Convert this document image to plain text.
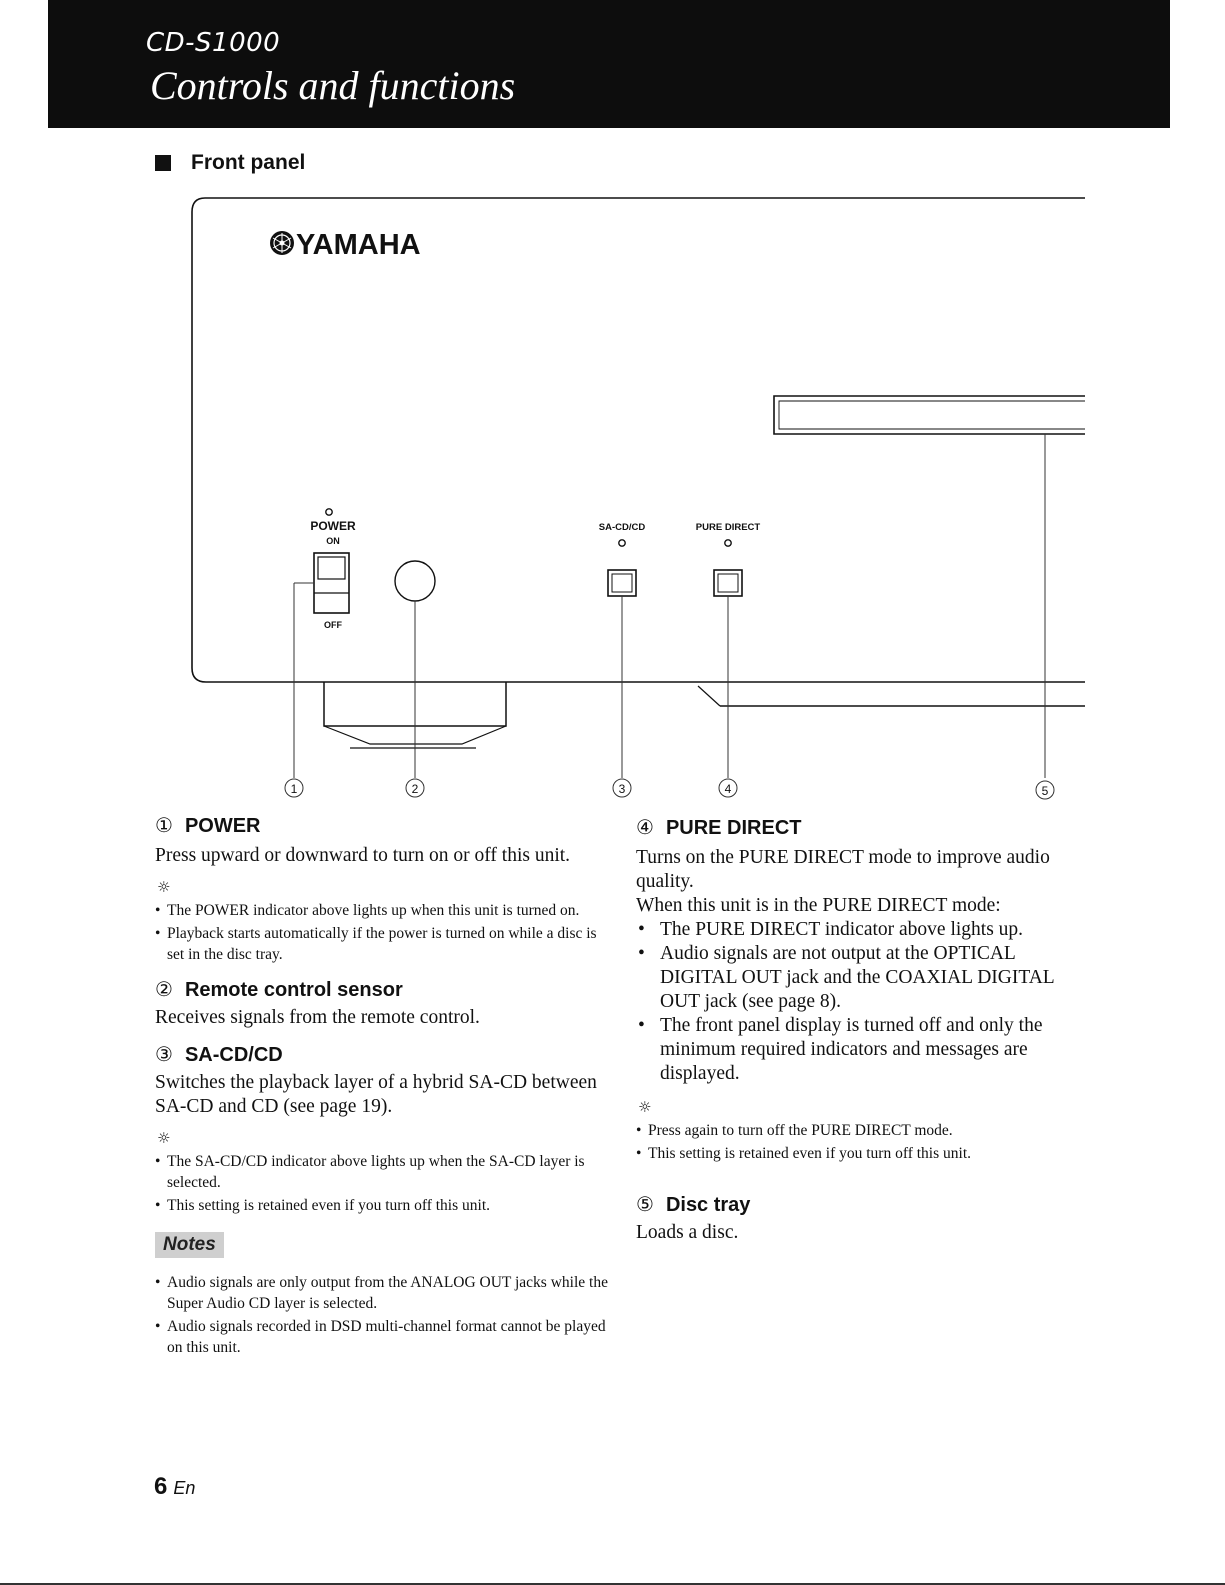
CD-S1000
Controls and functions
Front panel
YAMAHA
POWER
ON
OFF
SA-CD/CD	PURE DIRECT
1	2	3	4	5
① POWER
Press upward or downward to turn on or off this unit.
☼
• The POWER indicator above lights up when this unit is turned on.
• Playback starts automatically if the power is turned on while a disc is set in the disc tray.
② Remote control sensor
Receives signals from the remote control.
③ SA-CD/CD
Switches the playback layer of a hybrid SA-CD between SA-CD and CD (see page 19).
☼
• The SA-CD/CD indicator above lights up when the SA-CD layer is selected.
• This setting is retained even if you turn off this unit.
Notes
• Audio signals are only output from the ANALOG OUT jacks while the Super Audio CD layer is selected.
• Audio signals recorded in DSD multi-channel format cannot be played on this unit.
④ PURE DIRECT
Turns on the PURE DIRECT mode to improve audio quality.
When this unit is in the PURE DIRECT mode:
• The PURE DIRECT indicator above lights up.
• Audio signals are not output at the OPTICAL DIGITAL OUT jack and the COAXIAL DIGITAL OUT jack (see page 8).
• The front panel display is turned off and only the minimum required indicators and messages are displayed.
☼
• Press again to turn off the PURE DIRECT mode.
• This setting is retained even if you turn off this unit.
⑤ Disc tray
Loads a disc.
6 En
